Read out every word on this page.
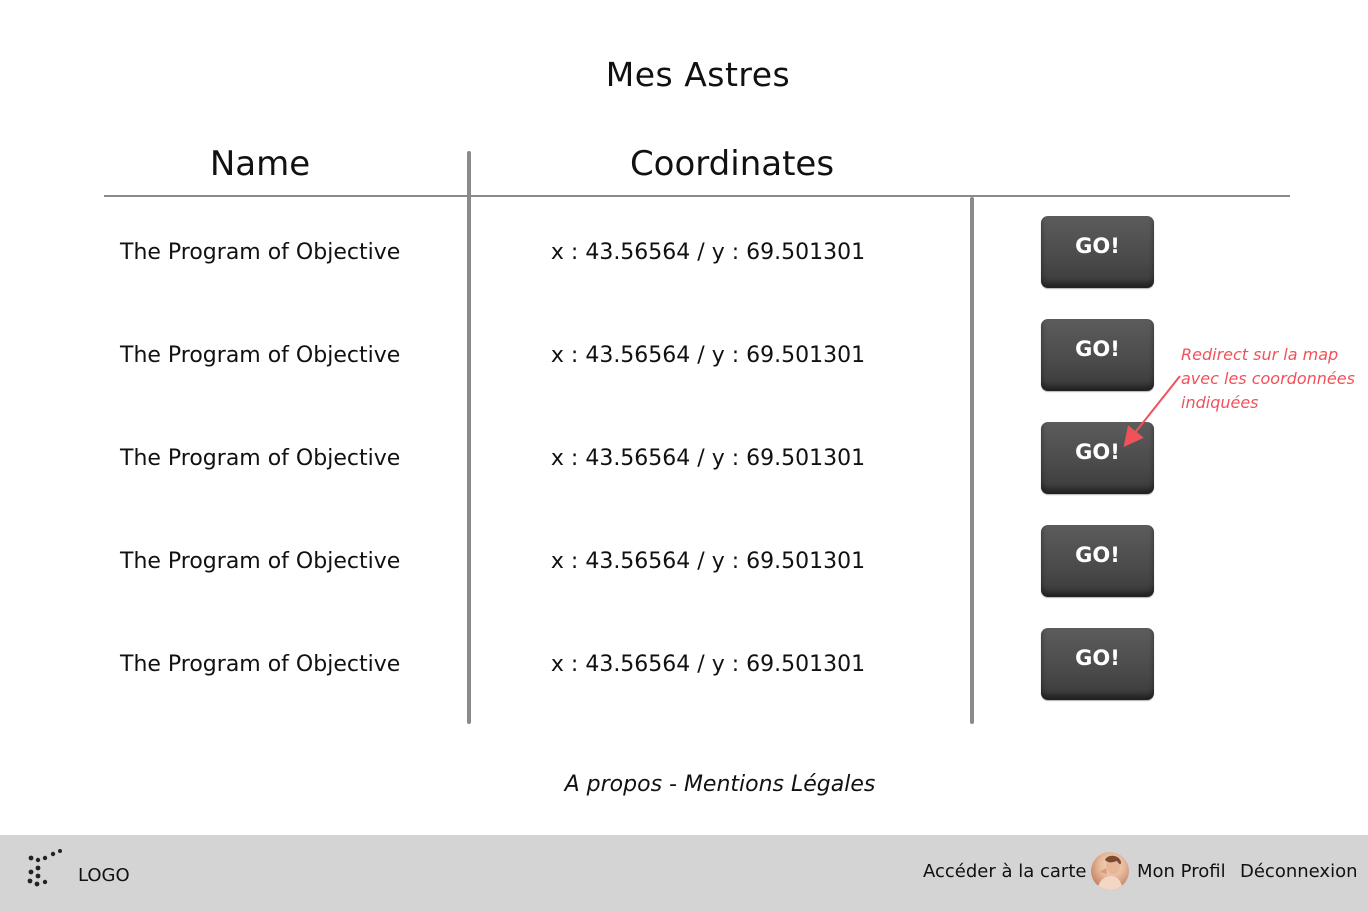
Mes Astres
Name	Coordinates
The Program of Objective	x : 43.56564 / y : 69.501301	GO!
The Program of Objective	x : 43.56564 / y : 69.501301	GO!
The Program of Objective	x : 43.56564 / y : 69.501301	GO!
The Program of Objective	x : 43.56564 / y : 69.501301	GO!
The Program of Objective	x : 43.56564 / y : 69.501301	GO!
Redirect sur la map avec les coordonnées indiquées
A propos - Mentions Légales
LOGO	Accéder à la carte	Mon Profil Déconnexion
